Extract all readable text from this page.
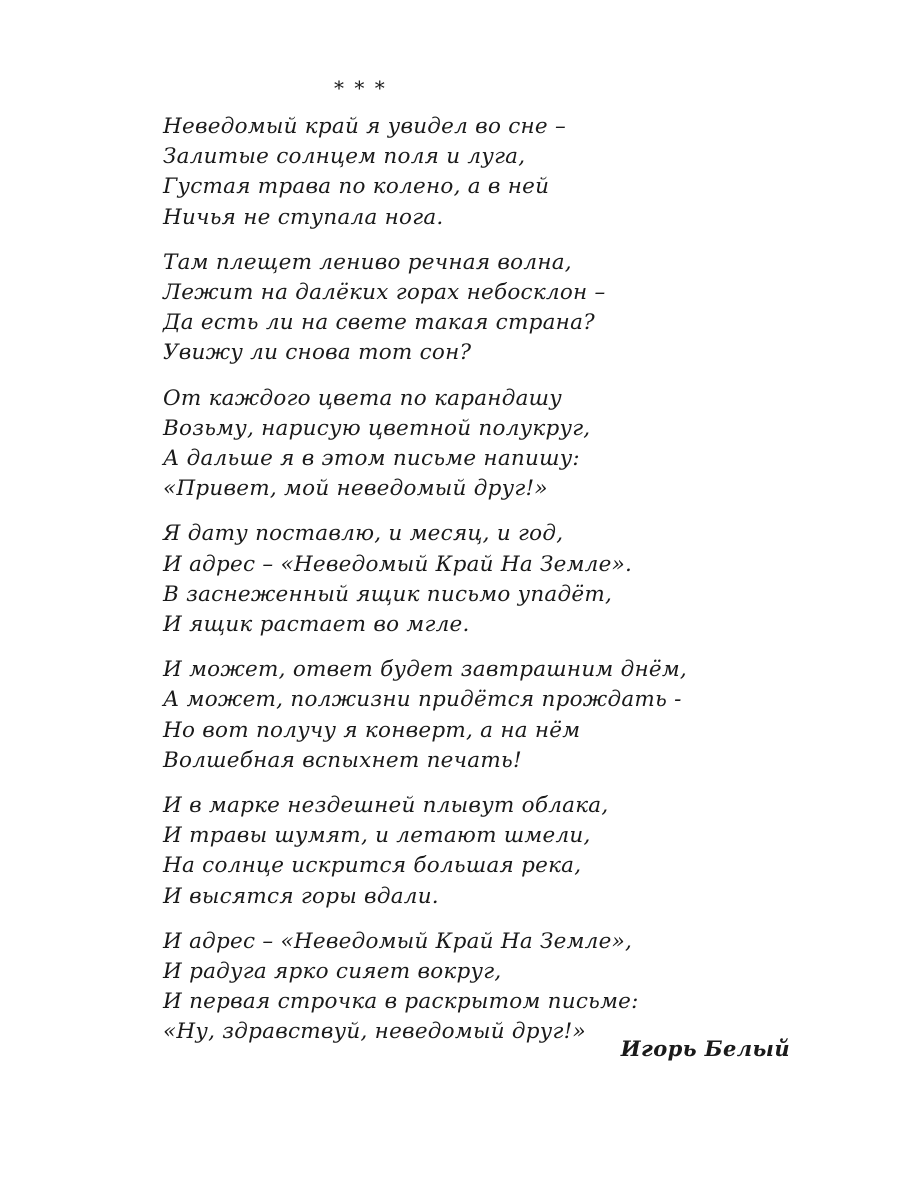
* * *
Неведомый край я увидел во сне –
Залитые солнцем поля и луга,
Густая трава по колено, а в ней
Ничья не ступала нога.
Там плещет лениво речная волна,
Лежит на далёких горах небосклон –
Да есть ли на свете такая страна?
Увижу ли снова тот сон?
От каждого цвета по карандашу
Возьму, нарисую цветной полукруг,
А дальше я в этом письме напишу:
«Привет, мой неведомый друг!»
Я дату поставлю, и месяц, и год,
И адрес – «Неведомый Край На Земле».
В заснеженный ящик письмо упадёт,
И ящик растает во мгле.
И может, ответ будет завтрашним днём,
А может, полжизни придётся прождать -
Но вот получу я конверт, а на нём
Волшебная вспыхнет печать!
И в марке нездешней плывут облака,
И травы шумят, и летают шмели,
На солнце искрится большая река,
И высятся горы вдали.
И адрес – «Неведомый Край На Земле»,
И радуга ярко сияет вокруг,
И первая строчка в раскрытом письме:
«Ну, здравствуй, неведомый друг!»
Игорь Белый
